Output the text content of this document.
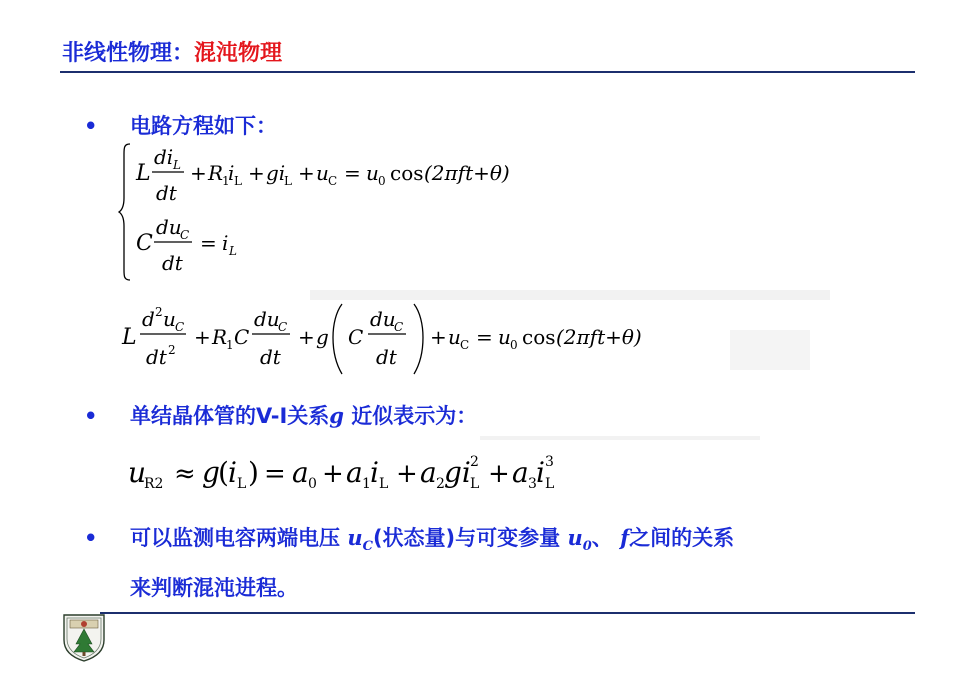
非线性物理：混沌物理
• 电路方程如下：
L
di L
dt
+ R
1
i L + gi
L + u C = u 0 cos (2πft+θ)
C
du
C
dt
= i L
L
d 2 u C
dt 2
+ R
1 C
du
C
dt
+ g C
du
C
dt
+ u C = u 0 cos (2πft+θ)
• 单结晶体管的V-I关系g 近似表示为：
u
R2 ≈ g
( i L ) = a 0 + a 1 i L + a 2 gi L
2 + a 3 i L
3
• 可以监测电容两端电压 $u_C$(状态量)与可变参量 $u_0$、 f之间的关系
来判断混沌进程。
